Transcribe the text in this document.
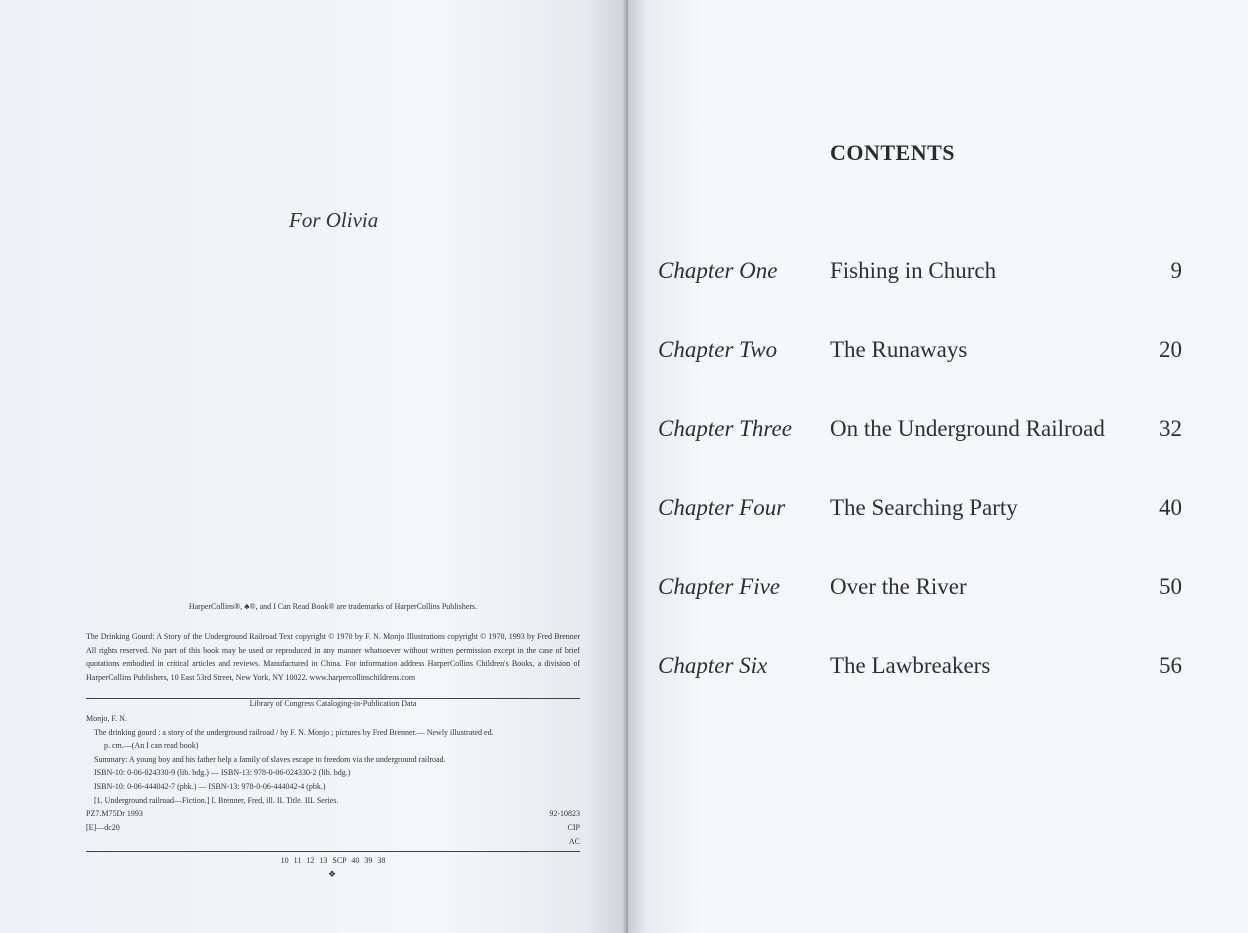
For Olivia
HarperCollins®, ♣®, and I Can Read Book® are trademarks of HarperCollins Publishers.
The Drinking Gourd: A Story of the Underground Railroad Text copyright © 1970 by F. N. Monjo Illustrations copyright © 1970, 1993 by Fred Brenner All rights reserved. No part of this book may be used or reproduced in any manner whatsoever without written permission except in the case of brief quotations embodied in critical articles and reviews. Manufactured in China. For information address HarperCollins Children's Books, a division of HarperCollins Publishers, 10 East 53rd Street, New York, NY 10022. www.harpercollinschildrens.com
Library of Congress Cataloging-in-Publication Data
Monjo, F. N.
The drinking gourd : a story of the underground railroad / by F. N. Monjo ; pictures by Fred Brenner.— Newly illustrated ed.
p. cm.—(An I can read book)
Summary: A young boy and his father help a family of slaves escape to freedom via the underground railroad.
ISBN-10: 0-06-024330-9 (lib. bdg.) — ISBN-13: 978-0-06-024330-2 (lib. bdg.)
ISBN-10: 0-06-444042-7 (pbk.) — ISBN-13: 978-0-06-444042-4 (pbk.)
[1. Underground railroad—Fiction.] I. Brenner, Fred, ill. II. Title. III. Series.
PZ7.M75Dr 1993	92-10823
[E]—dc20	CIP
AC
10 11 12 13 SCP 40 39 38
❖
CONTENTS
Chapter One Fishing in Church	9
Chapter Two The Runaways	20
Chapter Three On the Underground Railroad 32
Chapter Four The Searching Party	40
Chapter Five Over the River	50
Chapter Six	The Lawbreakers	56
